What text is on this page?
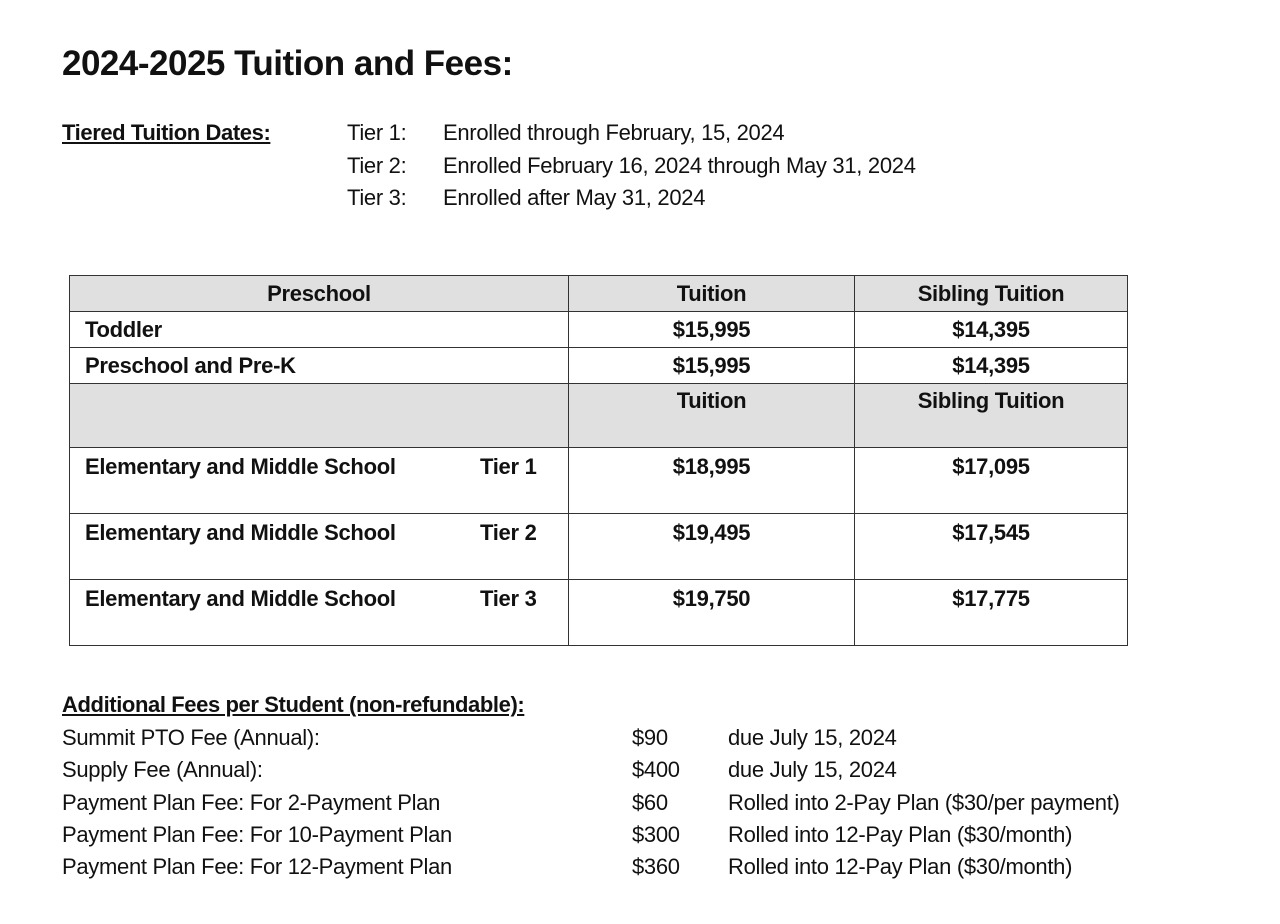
2024-2025 Tuition and Fees:
Tiered Tuition Dates:	Tier 1:	Enrolled through February, 15, 2024
Tier 2:	Enrolled February 16, 2024 through May 31, 2024
Tier 3:	Enrolled after May 31, 2024
Preschool	Tuition	Sibling Tuition
Toddler	$15,995	$14,395
Preschool and Pre-K	$15,995	$14,395
	Tuition	Sibling Tuition
Elementary and Middle School Tier 1	$18,995	$17,095
Elementary and Middle School Tier 2	$19,495	$17,545
Elementary and Middle School Tier 3	$19,750	$17,775
Additional Fees per Student (non-refundable):
Summit PTO Fee (Annual):	$90	due July 15, 2024
Supply Fee (Annual):	$400	due July 15, 2024
Payment Plan Fee: For 2-Payment Plan	$60	Rolled into 2-Pay Plan ($30/per payment)
Payment Plan Fee: For 10-Payment Plan	$300	Rolled into 12-Pay Plan ($30/month)
Payment Plan Fee: For 12-Payment Plan	$360	Rolled into 12-Pay Plan ($30/month)
